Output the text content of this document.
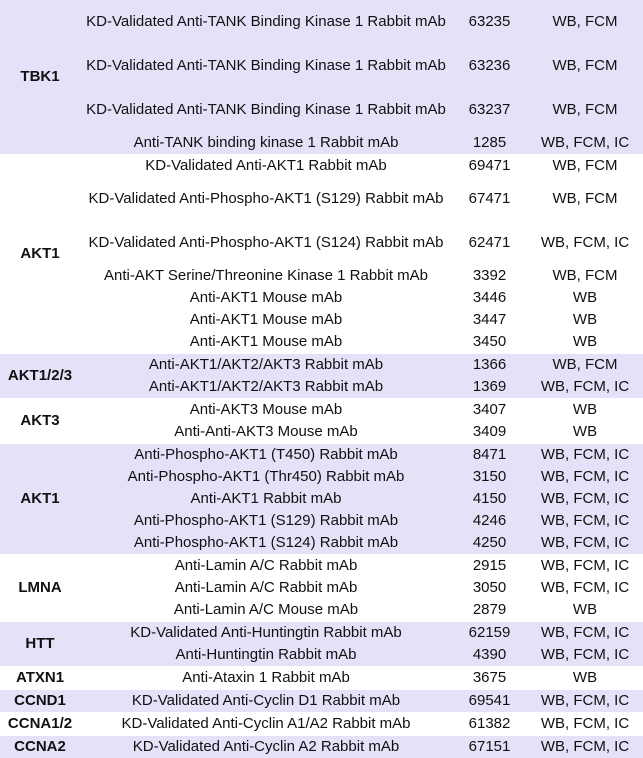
TBK1	KD-Validated Anti-TANK Binding Kinase 1 Rabbit mAb	63235	WB, FCM
	KD-Validated Anti-TANK Binding Kinase 1 Rabbit mAb	63236	WB, FCM
	KD-Validated Anti-TANK Binding Kinase 1 Rabbit mAb	63237	WB, FCM
	Anti-TANK binding kinase 1 Rabbit mAb	1285	WB, FCM, IC
AKT1	KD-Validated Anti-AKT1 Rabbit mAb	69471	WB, FCM
	KD-Validated Anti-Phospho-AKT1 (S129) Rabbit mAb	67471	WB, FCM
	KD-Validated Anti-Phospho-AKT1 (S124) Rabbit mAb	62471	WB, FCM, IC
	Anti-AKT Serine/Threonine Kinase 1 Rabbit mAb	3392	WB, FCM
	Anti-AKT1 Mouse mAb	3446	WB
	Anti-AKT1 Mouse mAb	3447	WB
	Anti-AKT1 Mouse mAb	3450	WB
AKT1/2/3	Anti-AKT1/AKT2/AKT3 Rabbit mAb	1366	WB, FCM
	Anti-AKT1/AKT2/AKT3 Rabbit mAb	1369	WB, FCM, IC
AKT3	Anti-AKT3 Mouse mAb	3407	WB
	Anti-Anti-AKT3 Mouse mAb	3409	WB
AKT1	Anti-Phospho-AKT1 (T450) Rabbit mAb	8471	WB, FCM, IC
	Anti-Phospho-AKT1 (Thr450) Rabbit mAb	3150	WB, FCM, IC
	Anti-AKT1 Rabbit mAb	4150	WB, FCM, IC
	Anti-Phospho-AKT1 (S129) Rabbit mAb	4246	WB, FCM, IC
	Anti-Phospho-AKT1 (S124) Rabbit mAb	4250	WB, FCM, IC
LMNA	Anti-Lamin A/C Rabbit mAb	2915	WB, FCM, IC
	Anti-Lamin A/C Rabbit mAb	3050	WB, FCM, IC
	Anti-Lamin A/C Mouse mAb	2879	WB
HTT	KD-Validated Anti-Huntingtin Rabbit mAb	62159	WB, FCM, IC
	Anti-Huntingtin Rabbit mAb	4390	WB, FCM, IC
ATXN1	Anti-Ataxin 1 Rabbit mAb	3675	WB
CCND1	KD-Validated Anti-Cyclin D1 Rabbit mAb	69541	WB, FCM, IC
CCNA1/2	KD-Validated Anti-Cyclin A1/A2 Rabbit mAb	61382	WB, FCM, IC
CCNA2	KD-Validated Anti-Cyclin A2 Rabbit mAb	67151	WB, FCM, IC
